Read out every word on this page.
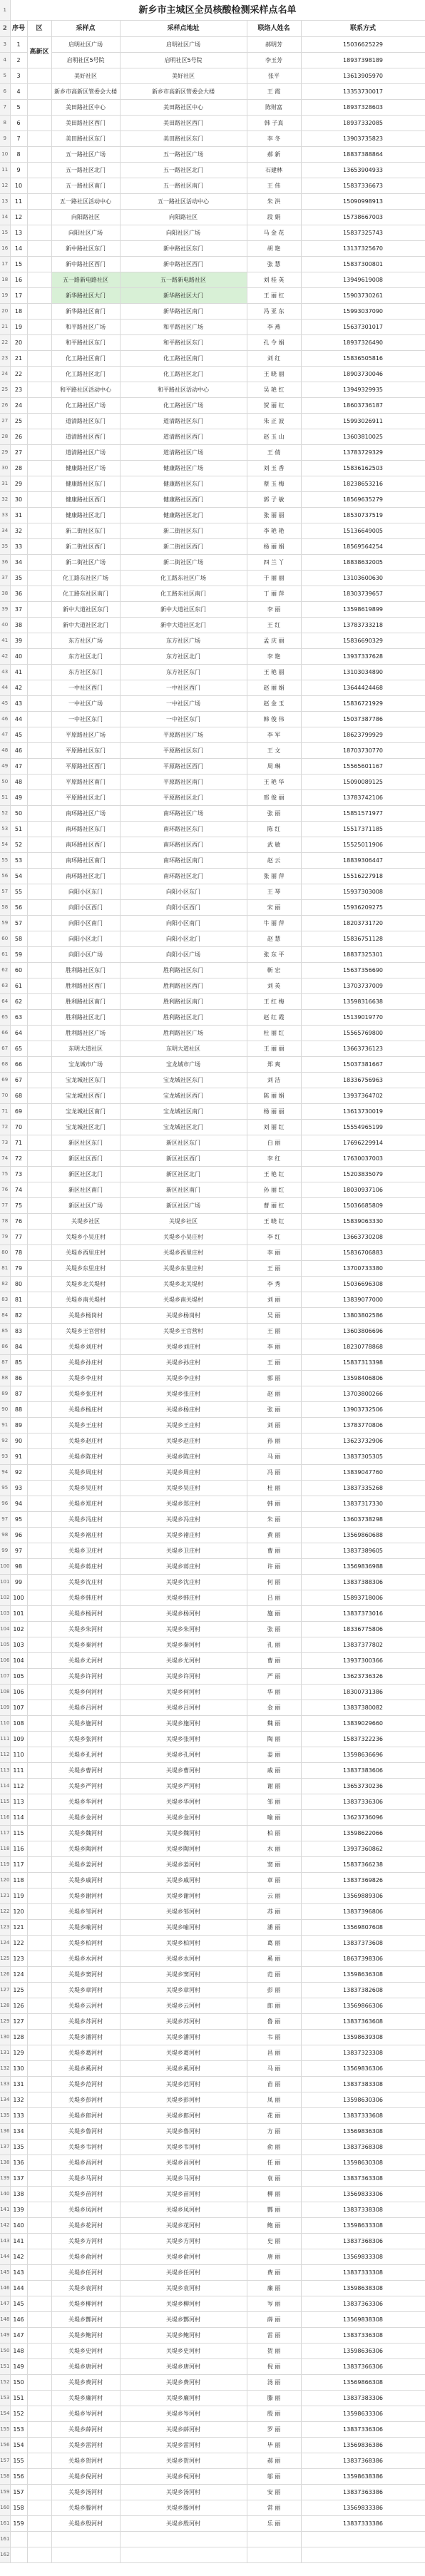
1	新乡市主城区全员核酸检测采样点名单					
2	序号	区	采样点	采样点地址	联络人姓名	联系方式
3	1	高新区	启明社区广场	启明社区广场	郝明芳	15036625229
4	2		启明社区5号院	启明社区5号院	李玉芳	18937398189
5	3		美好社区	美好社区	张平	13613905970
6	4		新乡市高新区管委会大楼	新乡市高新区管委会大楼	王 霞	13353730017
7	5		美田路社区中心	美田路社区中心	陈财富	18937328603
8	6		美田路社区西门	美田路社区西门	韩 子真	18937332085
9	7		美田路社区东门	美田路社区东门	李 冬	13903735823
10	8		五一路社区广场	五一路社区广场	郝 新	18837388864
11	9		五一路社区北门	五一路社区北门	石建林	13653904933
12	10		五一路社区南门	五一路社区南门	王 伟	15837336673
13	11		五一路社区活动中心	五一路社区活动中心	朱 洪	15090998913
14	12		向阳路社区	向阳路社区	段 娟	15738667003
15	13		向阳社区广场	向阳社区广场	马 金 花	15837325743
16	14		新中路社区东门	新中路社区东门	胡 艳	13137325670
17	15		新中路社区西门	新中路社区西门	张 慧	15837300801
18	16		五一路新电路社区	五一路新电路社区	刘 桂 英	13949619008
19	17		新华路社区大门	新华路社区大门	王 丽 红	15903730261
20	18		新华路社区南门	新华路社区南门	冯 亚 东	15993037090
21	19		和平路社区广场	和平路社区广场	李 燕	15637301017
22	20		和平路社区东门	和平路社区东门	孔 令 娟	18937326490
23	21		化工路社区南门	化工路社区南门	刘 红	15836505816
24	22		化工路社区北门	化工路社区北门	王 晓 丽	18903730046
25	23		和平路社区活动中心	和平路社区活动中心	吴 艳 红	13949329935
26	24		化工路社区广场	化工路社区广场	贺 丽 红	18603736187
27	25		道清路社区东门	道清路社区东门	朱 正 波	15993026911
28	26		道清路社区西门	道清路社区西门	赵 玉 山	13603810025
29	27		道清路社区广场	道清路社区广场	王 倩	13783729329
30	28		健康路社区广场	健康路社区广场	刘 玉 香	15836162503
31	29		健康路社区东门	健康路社区东门	蔡 玉 梅	18238653216
32	30		健康路社区西门	健康路社区西门	郭 子 敏	18569635279
33	31		健康路社区北门	健康路社区北门	张 丽 丽	18530737519
34	32		新二街社区东门	新二街社区东门	李 艳 艳	15136649005
35	33		新二街社区西门	新二街社区西门	杨 丽 娟	18569564254
36	34		新二街社区广场	新二街社区广场	四 兰 丫	18838632005
37	35		化工路东社区广场	化工路东社区广场	于 丽 丽	13103600630
38	36		化工路东社区南门	化工路东社区南门	丁 丽 萍	18303739657
39	37		新中大道社区东门	新中大道社区东门	李 丽	13598619899
40	38		新中大道社区北门	新中大道社区北门	王 红	13783733218
41	39		东方社区广场	东方社区广场	孟 庆 丽	15836690329
42	40		东方社区北门	东方社区北门	李 艳	13937337628
43	41		东方社区东门	东方社区东门	王 艳 丽	13103034890
44	42		一中社区西门	一中社区西门	赵 丽 娟	13644424468
45	43		一中社区广场	一中社区广场	赵 金 玉	15836721929
46	44		一中社区东门	一中社区东门	韩 俊 伟	15037387786
47	45		平原路社区广场	平原路社区广场	李 军	18623799929
48	46		平原路社区东门	平原路社区东门	王 文	18703730770
49	47		平原路社区西门	平原路社区西门	周 琳	15565601167
50	48		平原路社区南门	平原路社区南门	王 艳 华	15090089125
51	49		平原路社区北门	平原路社区北门	邢 俊 丽	13783742106
52	50		南环路社区广场	南环路社区广场	张 丽	15851571977
53	51		南环路社区东门	南环路社区东门	陈 红	15517371185
54	52		南环路社区西门	南环路社区西门	武 敏	15525011906
55	53		南环路社区南门	南环路社区南门	赵 云	18839306447
56	54		南环路社区北门	南环路社区北门	张 丽 萍	15516227918
57	55		向阳小区东门	向阳小区东门	王 琴	15937303008
58	56		向阳小区西门	向阳小区西门	宋 丽	15936209275
59	57		向阳小区南门	向阳小区南门	牛 丽 萍	18203731720
60	58		向阳小区北门	向阳小区北门	赵 慧	15836751128
61	59		向阳小区广场	向阳小区广场	张 东 平	18837325301
62	60		胜利路社区东门	胜利路社区东门	靳 宏	15637356690
63	61		胜利路社区西门	胜利路社区西门	刘 英	13703737009
64	62		胜利路社区南门	胜利路社区南门	王 红 梅	13598316638
65	63		胜利路社区北门	胜利路社区北门	赵 红 霞	15139019770
66	64		胜利路社区广场	胜利路社区广场	杜 丽 红	15565769800
67	65		东明大道社区	东明大道社区	王 丽 丽	13663736123
68	66		宝龙城市广场	宝龙城市广场	郑 爽	15037381667
69	67		宝龙城社区东门	宝龙城社区东门	刘 洁	18336756963
70	68		宝龙城社区西门	宝龙城社区西门	陈 丽 娟	13937364702
71	69		宝龙城社区南门	宝龙城社区南门	杨 丽 丽	13613730019
72	70		宝龙城社区北门	宝龙城社区北门	刘 丽 红	15554965199
73	71		新区社区东门	新区社区东门	白 丽	17696229914
74	72		新区社区西门	新区社区西门	李 红	17630037003
75	73		新区社区北门	新区社区北门	王 艳 红	15203835079
76	74		新区社区南门	新区社区南门	孙 丽 红	18030937106
77	75		新区社区广场	新区社区广场	曹 丽 红	15036685809
78	76		关堤乡社区	关堤乡社区	王 晓 红	15839063330
79	77		关堤乡小吴庄村	关堤乡小吴庄村	李 红	13663730208
80	78		关堤乡西里庄村	关堤乡西里庄村	李 丽	15836706883
81	79		关堤乡东里庄村	关堤乡东里庄村	王 丽	13700733380
82	80		关堤乡北关堤村	关堤乡北关堤村	李 秀	15036696308
83	81		关堤乡南关堤村	关堤乡南关堤村	刘 丽	13839077000
84	82		关堤乡杨岗村	关堤乡杨岗村	吴 丽	13803802586
85	83		关堤乡王官营村	关堤乡王官营村	王 丽	13603806696
86	84		关堤乡刘庄村	关堤乡刘庄村	李 丽	18230778868
87	85		关堤乡孙庄村	关堤乡孙庄村	王 丽	15837313398
88	86		关堤乡李庄村	关堤乡李庄村	郭 丽	13598406806
89	87		关堤乡张庄村	关堤乡张庄村	赵 丽	13703800266
90	88		关堤乡杨庄村	关堤乡杨庄村	张 丽	13903732506
91	89		关堤乡王庄村	关堤乡王庄村	刘 丽	13783770806
92	90		关堤乡赵庄村	关堤乡赵庄村	孙 丽	13623732906
93	91		关堤乡陈庄村	关堤乡陈庄村	马 丽	13837305305
94	92		关堤乡周庄村	关堤乡周庄村	冯 丽	13839047760
95	93		关堤乡吴庄村	关堤乡吴庄村	杜 丽	13837335268
96	94		关堤乡郑庄村	关堤乡郑庄村	韩 丽	13837317330
97	95		关堤乡冯庄村	关堤乡冯庄村	朱 丽	13603738298
98	96		关堤乡褚庄村	关堤乡褚庄村	黄 丽	13569860688
99	97		关堤乡卫庄村	关堤乡卫庄村	曹 丽	13837389605
100	98		关堤乡蒋庄村	关堤乡蒋庄村	许 丽	13569836988
101	99		关堤乡沈庄村	关堤乡沈庄村	何 丽	13837388306
102	100		关堤乡韩庄村	关堤乡韩庄村	吕 丽	15893718006
103	101		关堤乡杨河村	关堤乡杨河村	施 丽	13837373016
104	102		关堤乡朱河村	关堤乡朱河村	张 丽	18336775806
105	103		关堤乡秦河村	关堤乡秦河村	孔 丽	13837377802
106	104		关堤乡尤河村	关堤乡尤河村	曹 丽	13937300366
107	105		关堤乡许河村	关堤乡许河村	严 丽	13623736326
108	106		关堤乡何河村	关堤乡何河村	华 丽	18300731386
109	107		关堤乡吕河村	关堤乡吕河村	金 丽	13837380082
110	108		关堤乡施河村	关堤乡施河村	魏 丽	13839029660
111	109		关堤乡张河村	关堤乡张河村	陶 丽	15837322236
112	110		关堤乡孔河村	关堤乡孔河村	姜 丽	13598636696
113	111		关堤乡曹河村	关堤乡曹河村	戚 丽	13837383606
114	112		关堤乡严河村	关堤乡严河村	谢 丽	13653730236
115	113		关堤乡华河村	关堤乡华河村	邹 丽	13837336306
116	114		关堤乡金河村	关堤乡金河村	喻 丽	13623736096
117	115		关堤乡魏河村	关堤乡魏河村	柏 丽	13598622066
118	116		关堤乡陶河村	关堤乡陶河村	水 丽	13937360862
119	117		关堤乡姜河村	关堤乡姜河村	窦 丽	15837366238
120	118		关堤乡戚河村	关堤乡戚河村	章 丽	13837369826
121	119		关堤乡谢河村	关堤乡谢河村	云 丽	13569889306
122	120		关堤乡邹河村	关堤乡邹河村	苏 丽	13837396806
123	121		关堤乡喻河村	关堤乡喻河村	潘 丽	13569807608
124	122		关堤乡柏河村	关堤乡柏河村	葛 丽	13837373608
125	123		关堤乡水河村	关堤乡水河村	奚 丽	18637398306
126	124		关堤乡窦河村	关堤乡窦河村	范 丽	13598636308
127	125		关堤乡章河村	关堤乡章河村	彭 丽	13837382608
128	126		关堤乡云河村	关堤乡云河村	郎 丽	13569866306
129	127		关堤乡苏河村	关堤乡苏河村	鲁 丽	13837363608
130	128		关堤乡潘河村	关堤乡潘河村	韦 丽	13598639308
131	129		关堤乡葛河村	关堤乡葛河村	昌 丽	13837323308
132	130		关堤乡奚河村	关堤乡奚河村	马 丽	13569836306
133	131		关堤乡范河村	关堤乡范河村	苗 丽	13837383308
134	132		关堤乡彭河村	关堤乡彭河村	凤 丽	13598630306
135	133		关堤乡郎河村	关堤乡郎河村	花 丽	13837333608
136	134		关堤乡鲁河村	关堤乡鲁河村	方 丽	13569836308
137	135		关堤乡韦河村	关堤乡韦河村	俞 丽	13837368308
138	136		关堤乡昌河村	关堤乡昌河村	任 丽	13598630308
139	137		关堤乡马河村	关堤乡马河村	袁 丽	13837363308
140	138		关堤乡苗河村	关堤乡苗河村	柳 丽	13569833306
141	139		关堤乡凤河村	关堤乡凤河村	酆 丽	13837338308
142	140		关堤乡花河村	关堤乡花河村	鲍 丽	13598633308
143	141		关堤乡方河村	关堤乡方河村	史 丽	13837368306
144	142		关堤乡俞河村	关堤乡俞河村	唐 丽	13569833308
145	143		关堤乡任河村	关堤乡任河村	费 丽	13837333308
146	144		关堤乡袁河村	关堤乡袁河村	廉 丽	13598638308
147	145		关堤乡柳河村	关堤乡柳河村	岑 丽	13837363306
148	146		关堤乡酆河村	关堤乡酆河村	薛 丽	13569838308
149	147		关堤乡鲍河村	关堤乡鲍河村	雷 丽	13837336308
150	148		关堤乡史河村	关堤乡史河村	贺 丽	13598636306
151	149		关堤乡唐河村	关堤乡唐河村	倪 丽	13837366306
152	150		关堤乡费河村	关堤乡费河村	汤 丽	13569866308
153	151		关堤乡廉河村	关堤乡廉河村	滕 丽	13837383306
154	152		关堤乡岑河村	关堤乡岑河村	殷 丽	13598633306
155	153		关堤乡薛河村	关堤乡薛河村	罗 丽	13837336306
156	154		关堤乡雷河村	关堤乡雷河村	毕 丽	13569836386
157	155		关堤乡贺河村	关堤乡贺河村	郝 丽	13837368386
158	156		关堤乡倪河村	关堤乡倪河村	邬 丽	13598638386
159	157		关堤乡汤河村	关堤乡汤河村	安 丽	13837363386
160	158		关堤乡滕河村	关堤乡滕河村	常 丽	13569833386
161	159		关堤乡殷河村	关堤乡殷河村	乐 丽	13837333386
161						
162						
